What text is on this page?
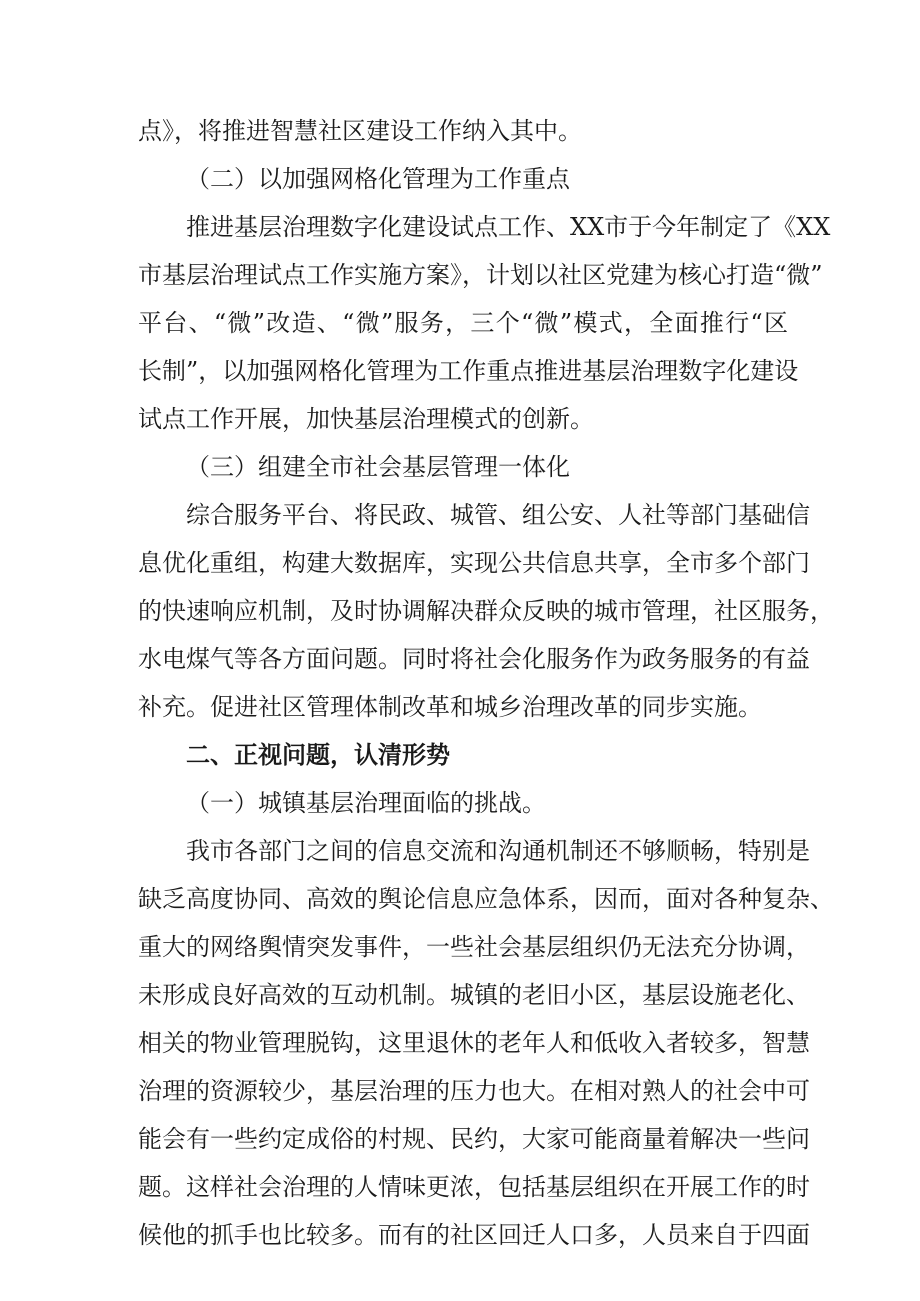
点》，将推进智慧社区建设工作纳入其中。
（二）以加强网格化管理为工作重点
推进基层治理数字化建设试点工作、XX市于今年制定了《XX
市基层治理试点工作实施方案》，计划以社区党建为核心打造“微”
平台、“微”改造、“微”服务，三个“微”模式，全面推行“区
长制”，以加强网格化管理为工作重点推进基层治理数字化建设
试点工作开展，加快基层治理模式的创新。
（三）组建全市社会基层管理一体化
综合服务平台、将民政、城管、组公安、人社等部门基础信
息优化重组，构建大数据库，实现公共信息共享，全市多个部门
的快速响应机制，及时协调解决群众反映的城市管理，社区服务，
水电煤气等各方面问题。同时将社会化服务作为政务服务的有益
补充。促进社区管理体制改革和城乡治理改革的同步实施。
二、正视问题，认清形势
（一）城镇基层治理面临的挑战。
我市各部门之间的信息交流和沟通机制还不够顺畅，特别是
缺乏高度协同、高效的舆论信息应急体系，因而，面对各种复杂、
重大的网络舆情突发事件，一些社会基层组织仍无法充分协调，
未形成良好高效的互动机制。城镇的老旧小区，基层设施老化、
相关的物业管理脱钩，这里退休的老年人和低收入者较多，智慧
治理的资源较少，基层治理的压力也大。在相对熟人的社会中可
能会有一些约定成俗的村规、民约，大家可能商量着解决一些问
题。这样社会治理的人情味更浓，包括基层组织在开展工作的时
候他的抓手也比较多。而有的社区回迁人口多，人员来自于四面
